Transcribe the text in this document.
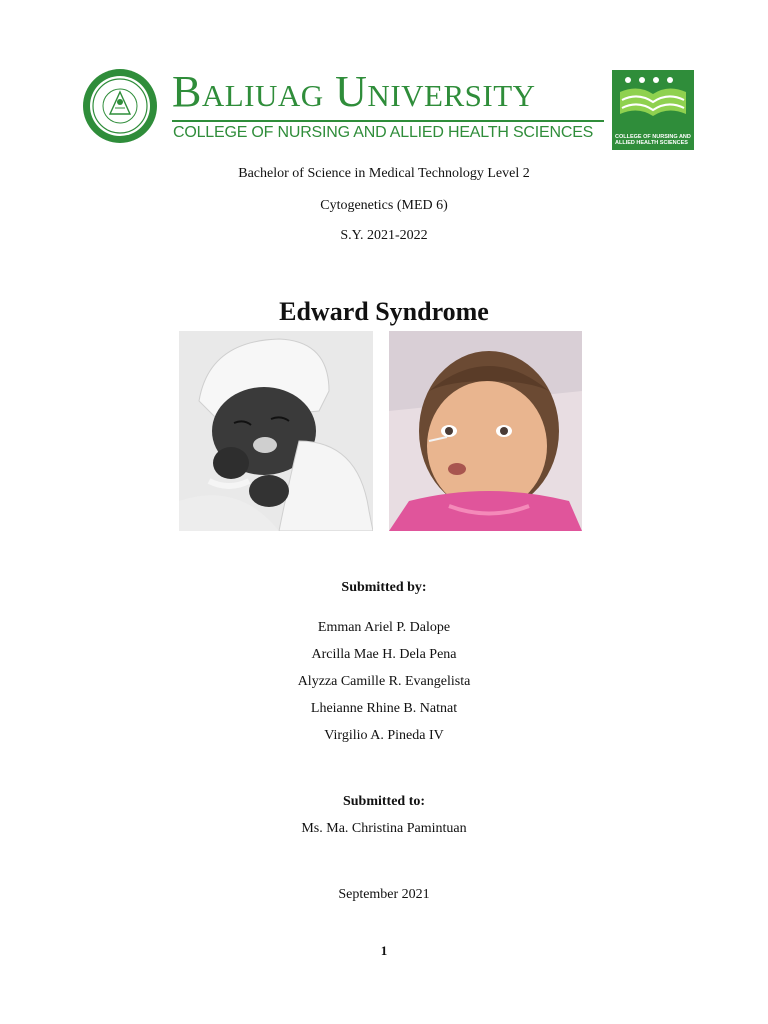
Baliuag University
COLLEGE OF NURSING AND ALLIED HEALTH SCIENCES	COLLEGE OF NURSING AND ALLIED HEALTH SCIENCES
Bachelor of Science in Medical Technology Level 2
Cytogenetics (MED 6)
S.Y. 2021-2022
Edward Syndrome
Submitted by:
Emman Ariel P. Dalope
Arcilla Mae H. Dela Pena
Alyzza Camille R. Evangelista
Lheianne Rhine B. Natnat
Virgilio A. Pineda IV
Submitted to:
Ms. Ma. Christina Pamintuan
September 2021
1
